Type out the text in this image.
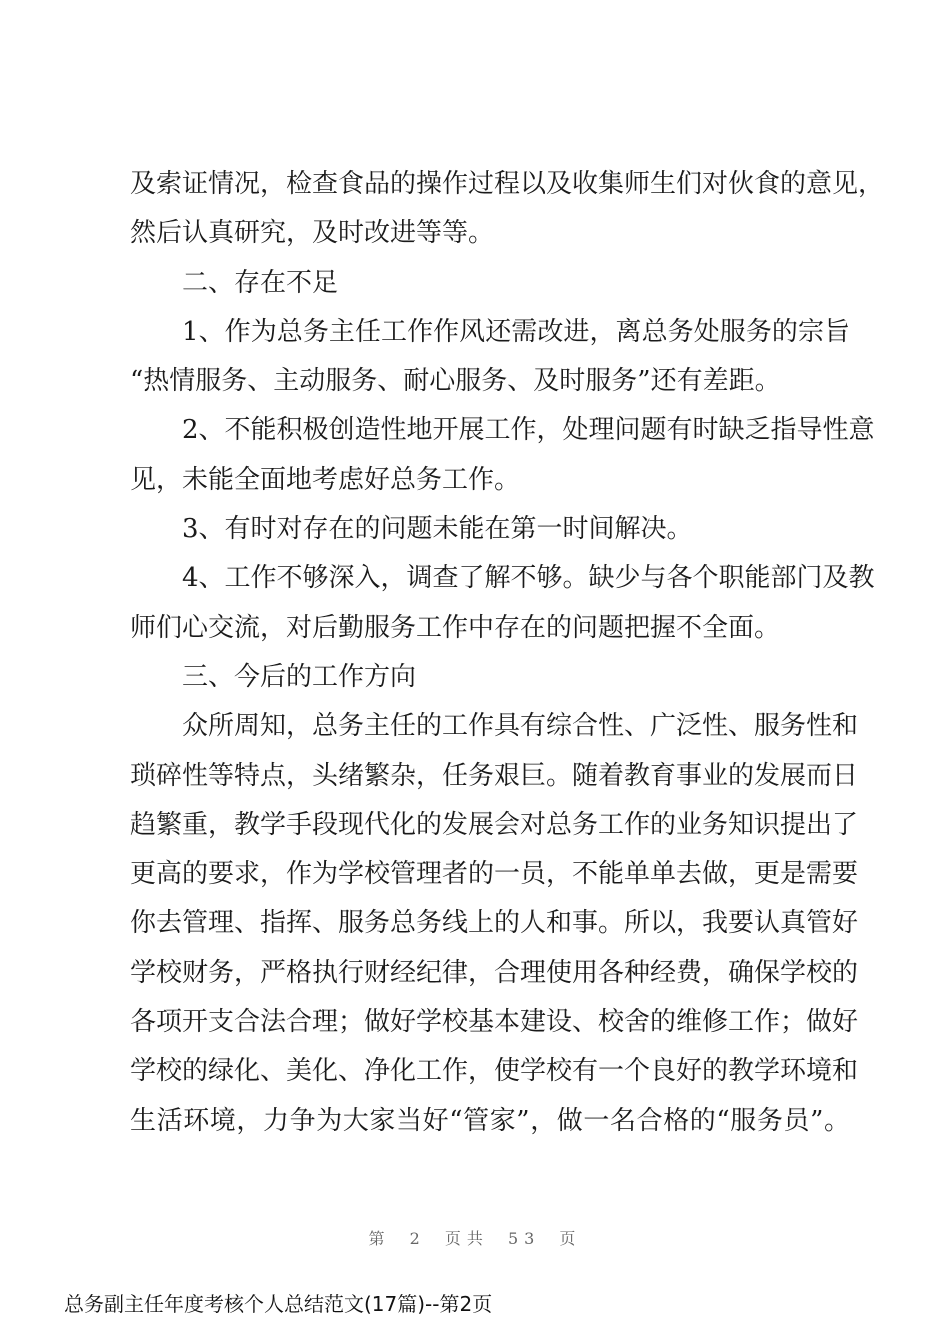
及索证情况，检查食品的操作过程以及收集师生们对伙食的意见，

然后认真研究，及时改进等等。

二、存在不足

1、作为总务主任工作作风还需改进，离总务处服务的宗旨

“热情服务、主动服务、耐心服务、及时服务”还有差距。

2、不能积极创造性地开展工作，处理问题有时缺乏指导性意

见，未能全面地考虑好总务工作。

3、有时对存在的问题未能在第一时间解决。

4、工作不够深入，调查了解不够。缺少与各个职能部门及教

师们心交流，对后勤服务工作中存在的问题把握不全面。

三、今后的工作方向

众所周知，总务主任的工作具有综合性、广泛性、服务性和

琐碎性等特点，头绪繁杂，任务艰巨。随着教育事业的发展而日

趋繁重，教学手段现代化的发展会对总务工作的业务知识提出了

更高的要求，作为学校管理者的一员，不能单单去做，更是需要

你去管理、指挥、服务总务线上的人和事。所以，我要认真管好

学校财务，严格执行财经纪律，合理使用各种经费，确保学校的

各项开支合法合理；做好学校基本建设、校舍的维修工作；做好

学校的绿化、美化、净化工作，使学校有一个良好的教学环境和

生活环境，力争为大家当好“管家”，做一名合格的“服务员”。

第 2 页共 53 页
总务副主任年度考核个人总结范文(17篇)--第2页
